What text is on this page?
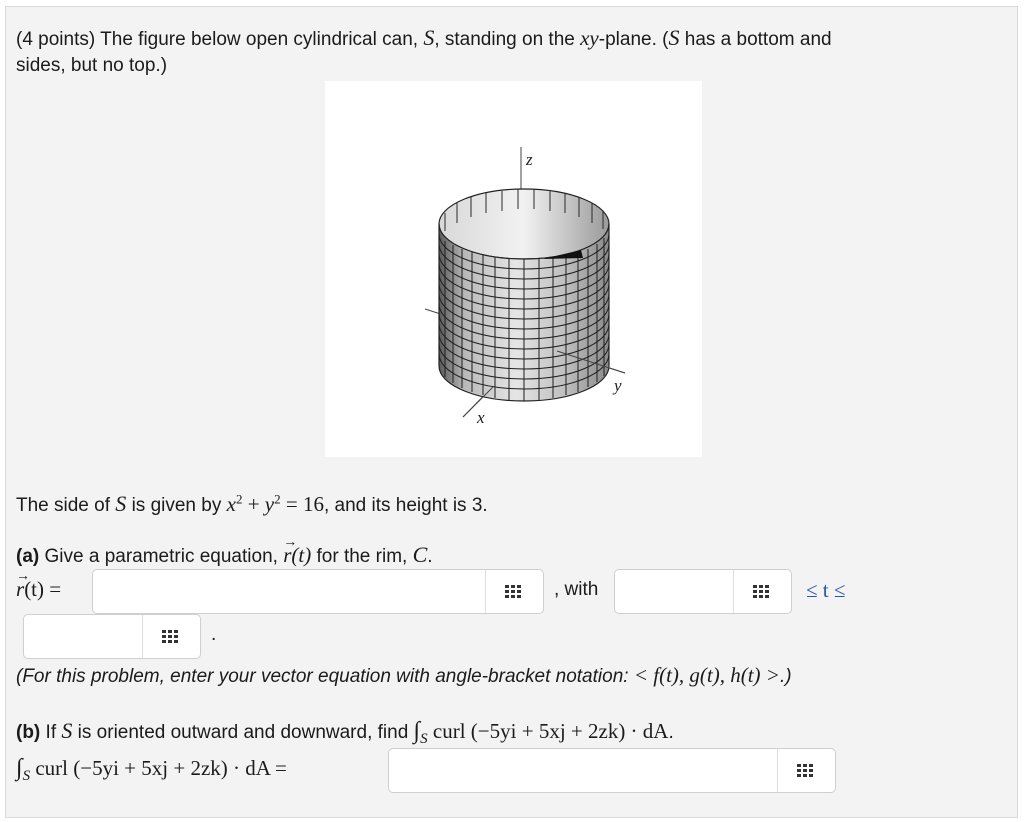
(4 points) The figure below open cylindrical can, S, standing on the xy-plane. (S has a bottom and
sides, but no top.)
z
x
y
The side of S is given by $x^2 + y^2 = 16$, and its height is 3.
(a) Give a parametric equation, r
→
(t) for the rim, C.
r
→
(t) =	, with	≤ t ≤
.
(For this problem, enter your vector equation with angle-bracket notation: < f(t), g(t), h(t) >.)
(b) If S is oriented outward and downward, find $\int_S$ curl (−5yi + 5xj + 2zk) · dA.
$\int_S$ curl (−5yi + 5xj + 2zk) · dA =
